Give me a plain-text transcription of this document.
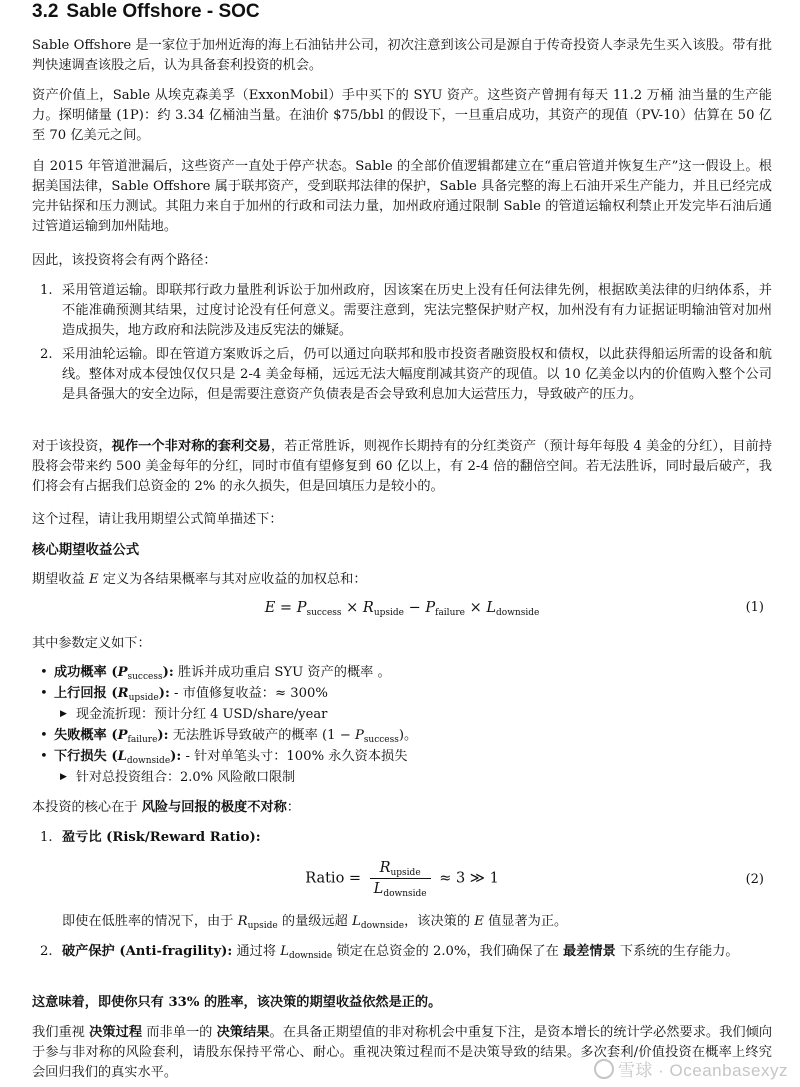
3.2 Sable Offshore - SOC

Sable Offshore 是一家位于加州近海的海上石油钻井公司，初次注意到该公司是源自于传奇投资人李录先生买入该股。带有批判快速调查该股之后，认为具备套利投资的机会。

资产价值上，Sable 从埃克森美孚（ExxonMobil）手中买下的 SYU 资产。这些资产曾拥有每天 11.2 万桶 油当量的生产能力。探明储量 (1P)：约 3.34 亿桶油当量。在油价 $75/bbl 的假设下，一旦重启成功，其资产的现值（PV-10）估算在 50 亿至 70 亿美元之间。

自 2015 年管道泄漏后，这些资产一直处于停产状态。Sable 的全部价值逻辑都建立在“重启管道并恢复生产”这一假设上。根据美国法律，Sable Offshore 属于联邦资产，受到联邦法律的保护，Sable 具备完整的海上石油开采生产能力，并且已经完成完井钻探和压力测试。其阻力来自于加州的行政和司法力量，加州政府通过限制 Sable 的管道运输权利禁止开发完毕石油后通过管道运输到加州陆地。

因此，该投资将会有两个路径：

1. 采用管道运输。即联邦行政力量胜利诉讼于加州政府，因该案在历史上没有任何法律先例，根据欧美法律的归纳体系，并不能准确预测其结果，过度讨论没有任何意义。需要注意到，宪法完整保护财产权，加州没有有力证据证明输油管对加州造成损失，地方政府和法院涉及违反宪法的嫌疑。
2. 采用油轮运输。即在管道方案败诉之后，仍可以通过向联邦和股市投资者融资股权和债权，以此获得船运所需的设备和航线。整体对成本侵蚀仅仅只是 2-4 美金每桶，远远无法大幅度削减其资产的现值。以 10 亿美金以内的价值购入整个公司是具备强大的安全边际，但是需要注意资产负债表是否会导致利息加大运营压力，导致破产的压力。

对于该投资，视作一个非对称的套利交易，若正常胜诉，则视作长期持有的分红类资产（预计每年每股 4 美金的分红），目前持股将会带来约 500 美金每年的分红，同时市值有望修复到 60 亿以上，有 2-4 倍的翻倍空间。若无法胜诉，同时最后破产，我们将会有占据我们总资金的 2% 的永久损失，但是回填压力是较小的。

这个过程，请让我用期望公式简单描述下：

核心期望收益公式

期望收益 E 定义为各结果概率与其对应收益的加权总和：

$E = P_{success} \times R_{upside} - P_{failure} \times L_{downside}$	(1)

其中参数定义如下：

• 成功概率 $(P_{success})$: 胜诉并成功重启 SYU 资产的概率 。
• 上行回报 $(R_{upside})$: - 市值修复收益：≈ 300%
▶ 现金流折现：预计分红 4 USD/share/year
• 失败概率 $(P_{failure})$: 无法胜诉导致破产的概率 $(1 - P_{success})$。
• 下行损失 $(L_{downside})$: - 针对单笔头寸：100% 永久资本损失
▶ 针对总投资组合：2.0% 风险敞口限制

本投资的核心在于 风险与回报的极度不对称：

1. 盈亏比 (Risk/Reward Ratio):
Ratio = $\frac{R_{upside}}{L_{downside}} \approx 3$ ≫ 1	(2)

即使在低胜率的情况下，由于 $R_{upside}$ 的量级远超 $L_{downside}$，该决策的 E 值显著为正。

2. 破产保护 (Anti-fragility): 通过将 $L_{downside}$ 锁定在总资金的 2.0%，我们确保了在 最差情景 下系统的生存能力。

这意味着，即使你只有 33% 的胜率，该决策的期望收益依然是正的。

我们重视 决策过程 而非单一的 决策结果。在具备正期望值的非对称机会中重复下注，是资本增长的统计学必然要求。我们倾向于参与非对称的风险套利，请股东保持平常心、耐心。重视决策过程而不是决策导致的结果。多次套利/价值投资在概率上终究会回归我们的真实水平。	雪球 · Oceanbasexyz
